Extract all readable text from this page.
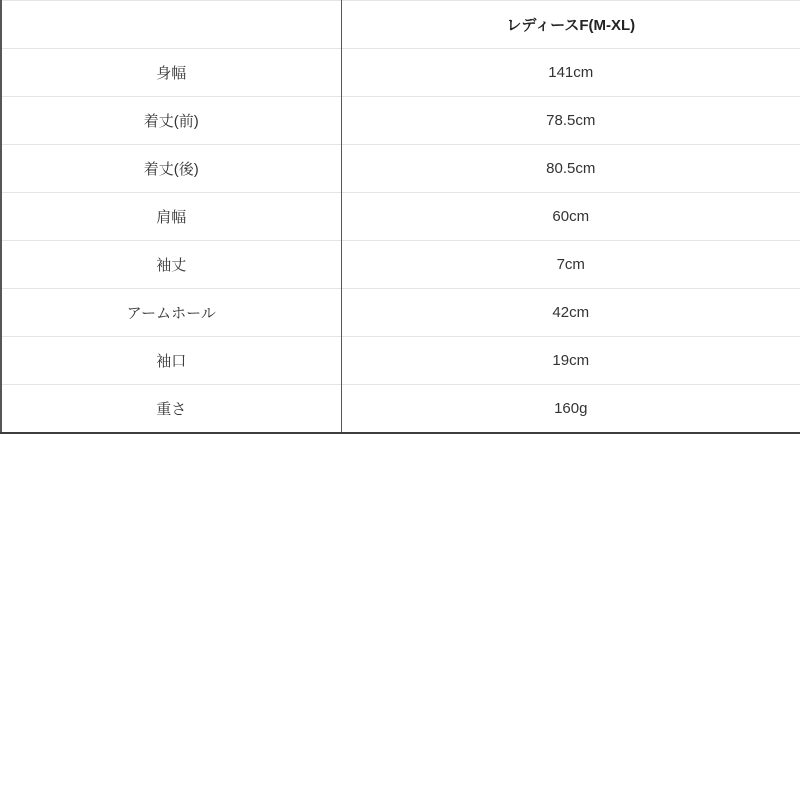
	レディースF(M-XL)
身幅	141cm
着丈(前)	78.5cm
着丈(後)	80.5cm
肩幅	60cm
袖丈	7cm
アームホール	42cm
袖口	19cm
重さ	160g
